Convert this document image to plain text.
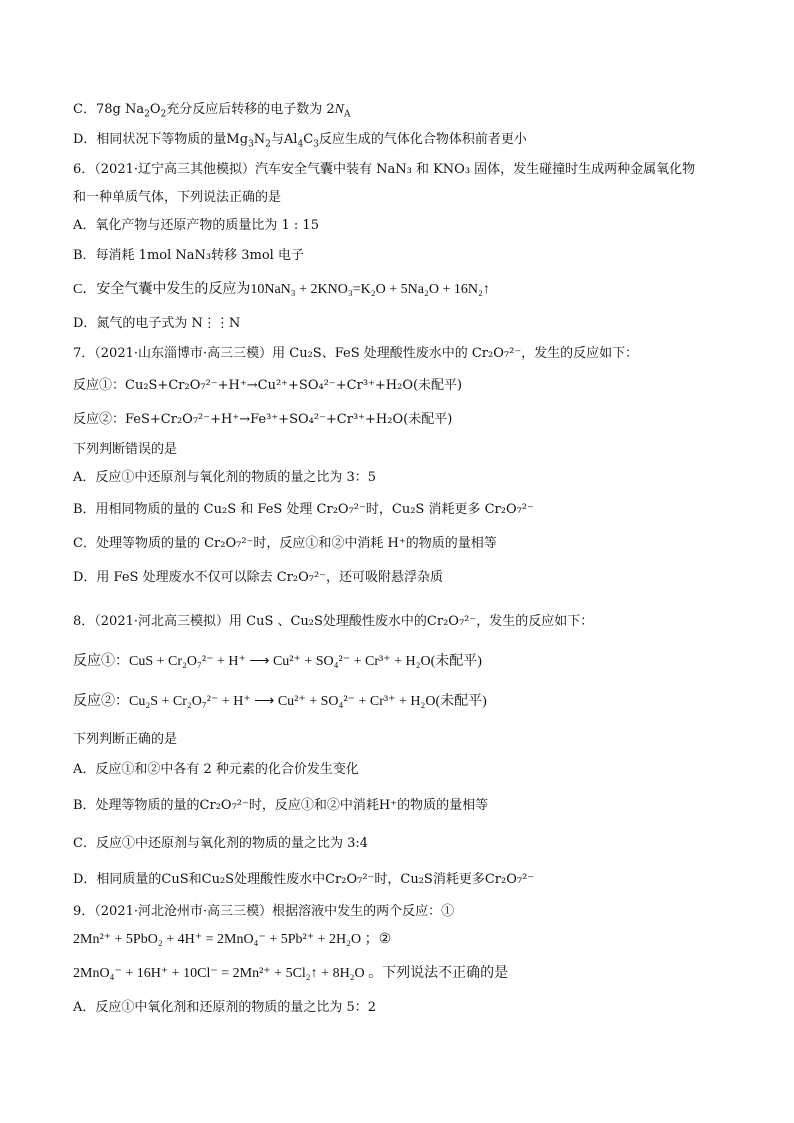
C．78g $Na_2O_2$充分反应后转移的电子数为 $2N_A$
D．相同状况下等物质的量$Mg_3N_2$与$Al_4C_3$反应生成的气体化合物体积前者更小
6．（2021·辽宁高三其他模拟）汽车安全气囊中装有 NaN₃ 和 KNO₃ 固体，发生碰撞时生成两种金属氧化物
和一种单质气体，下列说法正确的是
A．氧化产物与还原产物的质量比为 1 : 15
B．每消耗 1mol NaN₃转移 3mol 电子
C．安全气囊中发生的反应为10NaN₃ + 2KNO₃=K₂O + 5Na₂O + 16N₂↑
D．氮气的电子式为 N⋮⋮N
7．（2021·山东淄博市·高三三模）用 Cu₂S、FeS 处理酸性废水中的 Cr₂O₇²⁻，发生的反应如下：
反应①：Cu₂S+Cr₂O₇²⁻+H⁺→Cu²⁺+SO₄²⁻+Cr³⁺+H₂O(未配平)
反应②：FeS+Cr₂O₇²⁻+H⁺→Fe³⁺+SO₄²⁻+Cr³⁺+H₂O(未配平)
下列判断错误的是
A．反应①中还原剂与氧化剂的物质的量之比为 3：5
B．用相同物质的量的 Cu₂S 和 FeS 处理 Cr₂O₇²⁻时，Cu₂S 消耗更多 Cr₂O₇²⁻
C．处理等物质的量的 Cr₂O₇²⁻时，反应①和②中消耗 H⁺的物质的量相等
D．用 FeS 处理废水不仅可以除去 Cr₂O₇²⁻，还可吸附悬浮杂质
8．（2021·河北高三模拟）用 CuS 、Cu₂S处理酸性废水中的Cr₂O₇²⁻，发生的反应如下：
反应①：CuS + Cr₂O₇²⁻ + H⁺ ⟶ Cu²⁺ + SO₄²⁻ + Cr³⁺ + H₂O(未配平)
反应②：Cu₂S + Cr₂O₇²⁻ + H⁺ ⟶ Cu²⁺ + SO₄²⁻ + Cr³⁺ + H₂O(未配平)
下列判断正确的是
A．反应①和②中各有 2 种元素的化合价发生变化
B．处理等物质的量的Cr₂O₇²⁻时，反应①和②中消耗H⁺的物质的量相等
C．反应①中还原剂与氧化剂的物质的量之比为 3:4
D．相同质量的CuS和Cu₂S处理酸性废水中Cr₂O₇²⁻时，Cu₂S消耗更多Cr₂O₇²⁻
9．（2021·河北沧州市·高三三模）根据溶液中发生的两个反应：①
2Mn²⁺ + 5PbO₂ + 4H⁺ = 2MnO₄⁻ + 5Pb²⁺ + 2H₂O ；②
2MnO₄⁻ + 16H⁺ + 10Cl⁻ = 2Mn²⁺ + 5Cl₂↑ + 8H₂O 。下列说法不正确的是
A．反应①中氧化剂和还原剂的物质的量之比为 5：2
